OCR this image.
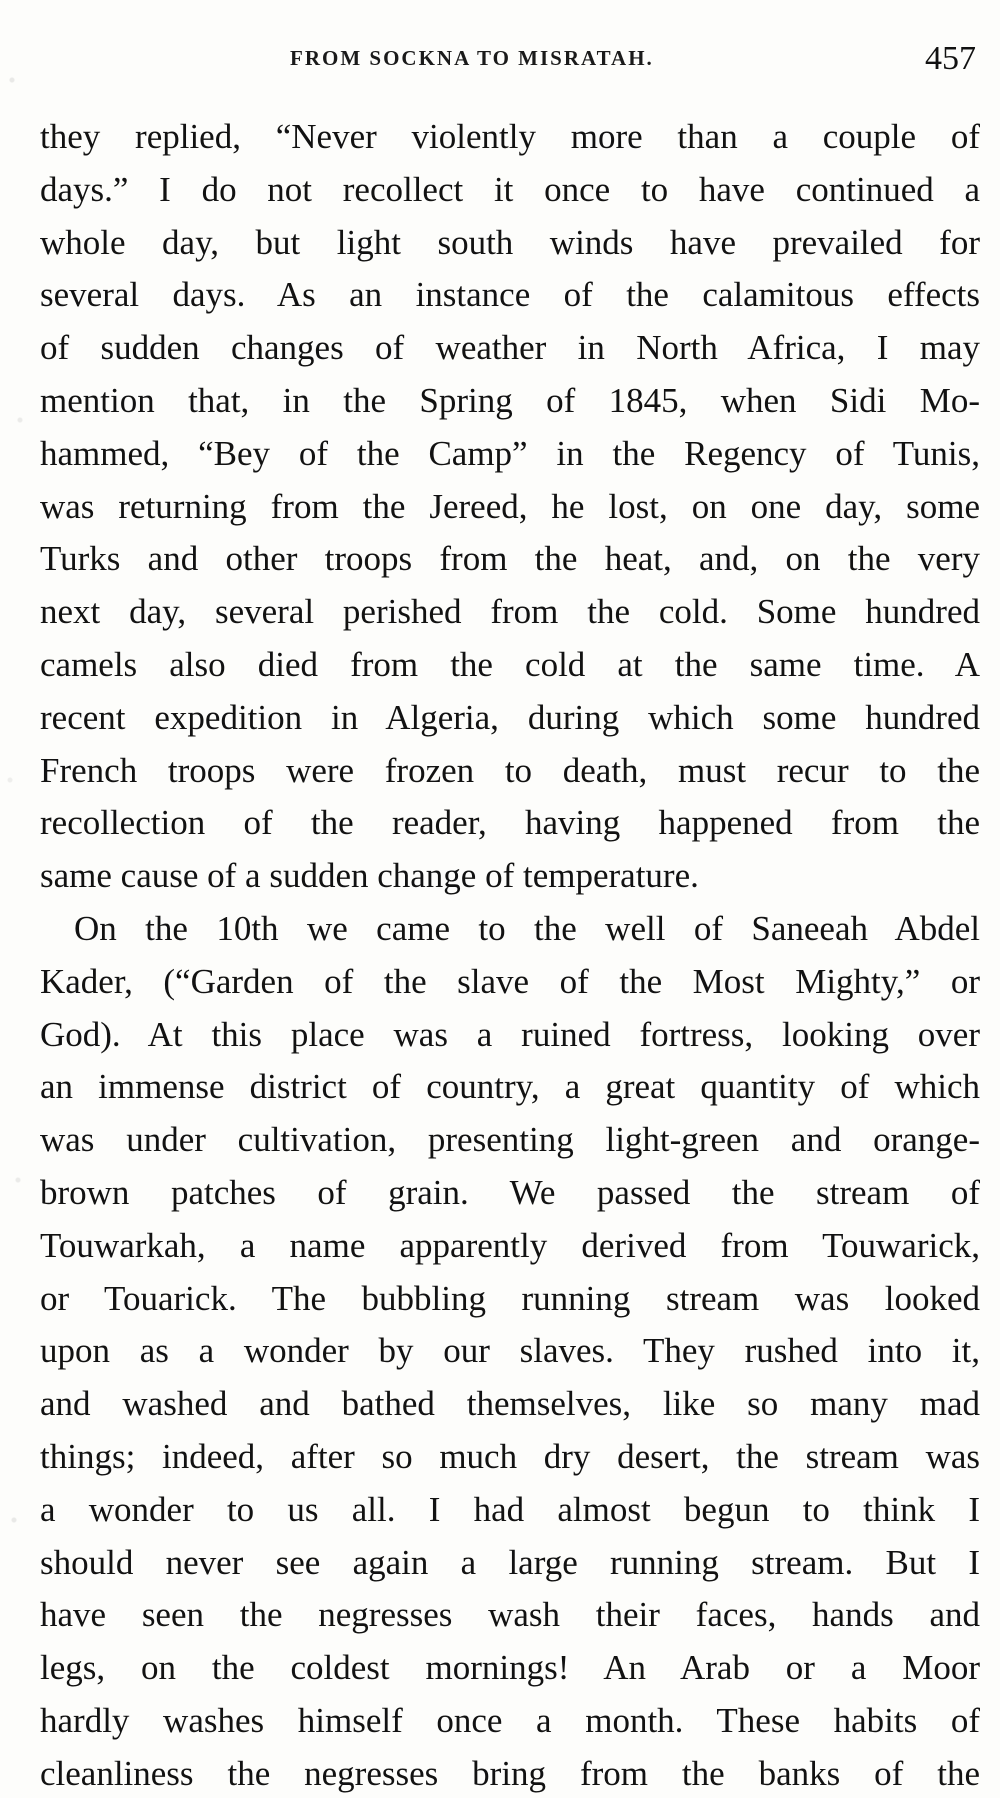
FROM SOCKNA TO MISRATAH.	457
they replied, “Never violently more than a couple of
days.” I do not recollect it once to have continued a
whole day, but light south winds have prevailed for
several days. As an instance of the calamitous effects
of sudden changes of weather in North Africa, I may
mention that, in the Spring of 1845, when Sidi Mo-
hammed, “Bey of the Camp” in the Regency of Tunis,
was returning from the Jereed, he lost, on one day, some
Turks and other troops from the heat, and, on the very
next day, several perished from the cold. Some hundred
camels also died from the cold at the same time. A
recent expedition in Algeria, during which some hundred
French troops were frozen to death, must recur to the
recollection of the reader, having happened from the
same cause of a sudden change of temperature.
On the 10th we came to the well of Saneeah Abdel
Kader, (“Garden of the slave of the Most Mighty,” or
God). At this place was a ruined fortress, looking over
an immense district of country, a great quantity of which
was under cultivation, presenting light-green and orange-
brown patches of grain. We passed the stream of
Touwarkah, a name apparently derived from Touwarick,
or Touarick. The bubbling running stream was looked
upon as a wonder by our slaves. They rushed into it,
and washed and bathed themselves, like so many mad
things; indeed, after so much dry desert, the stream was
a wonder to us all. I had almost begun to think I
should never see again a large running stream. But I
have seen the negresses wash their faces, hands and
legs, on the coldest mornings! An Arab or a Moor
hardly washes himself once a month. These habits of
cleanliness the negresses bring from the banks of the
